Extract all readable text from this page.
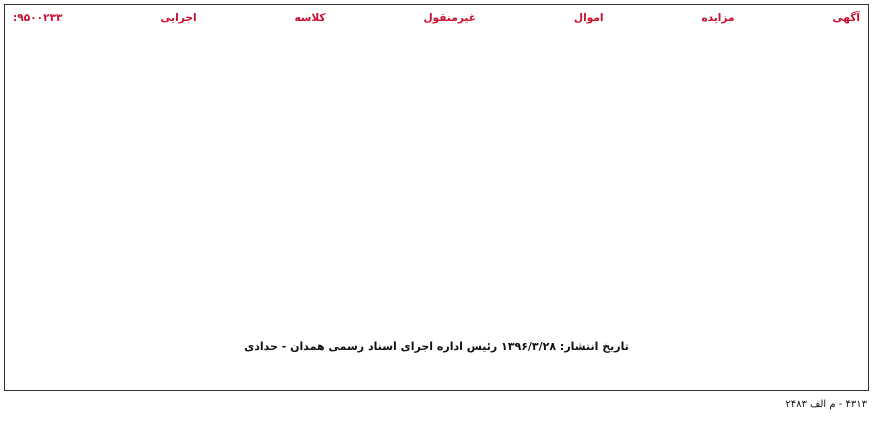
آگهی مزایده اموال غیرمنقول کلاسه اجرایی ۹۵۰۰۲۳۳:
تاریخ انتشار: ۱۳۹۶/۳/۲۸ رئیس اداره اجرای اسناد رسمی همدان - حدادی
۴۳۱۳ - م الف ۲۴۸۳
